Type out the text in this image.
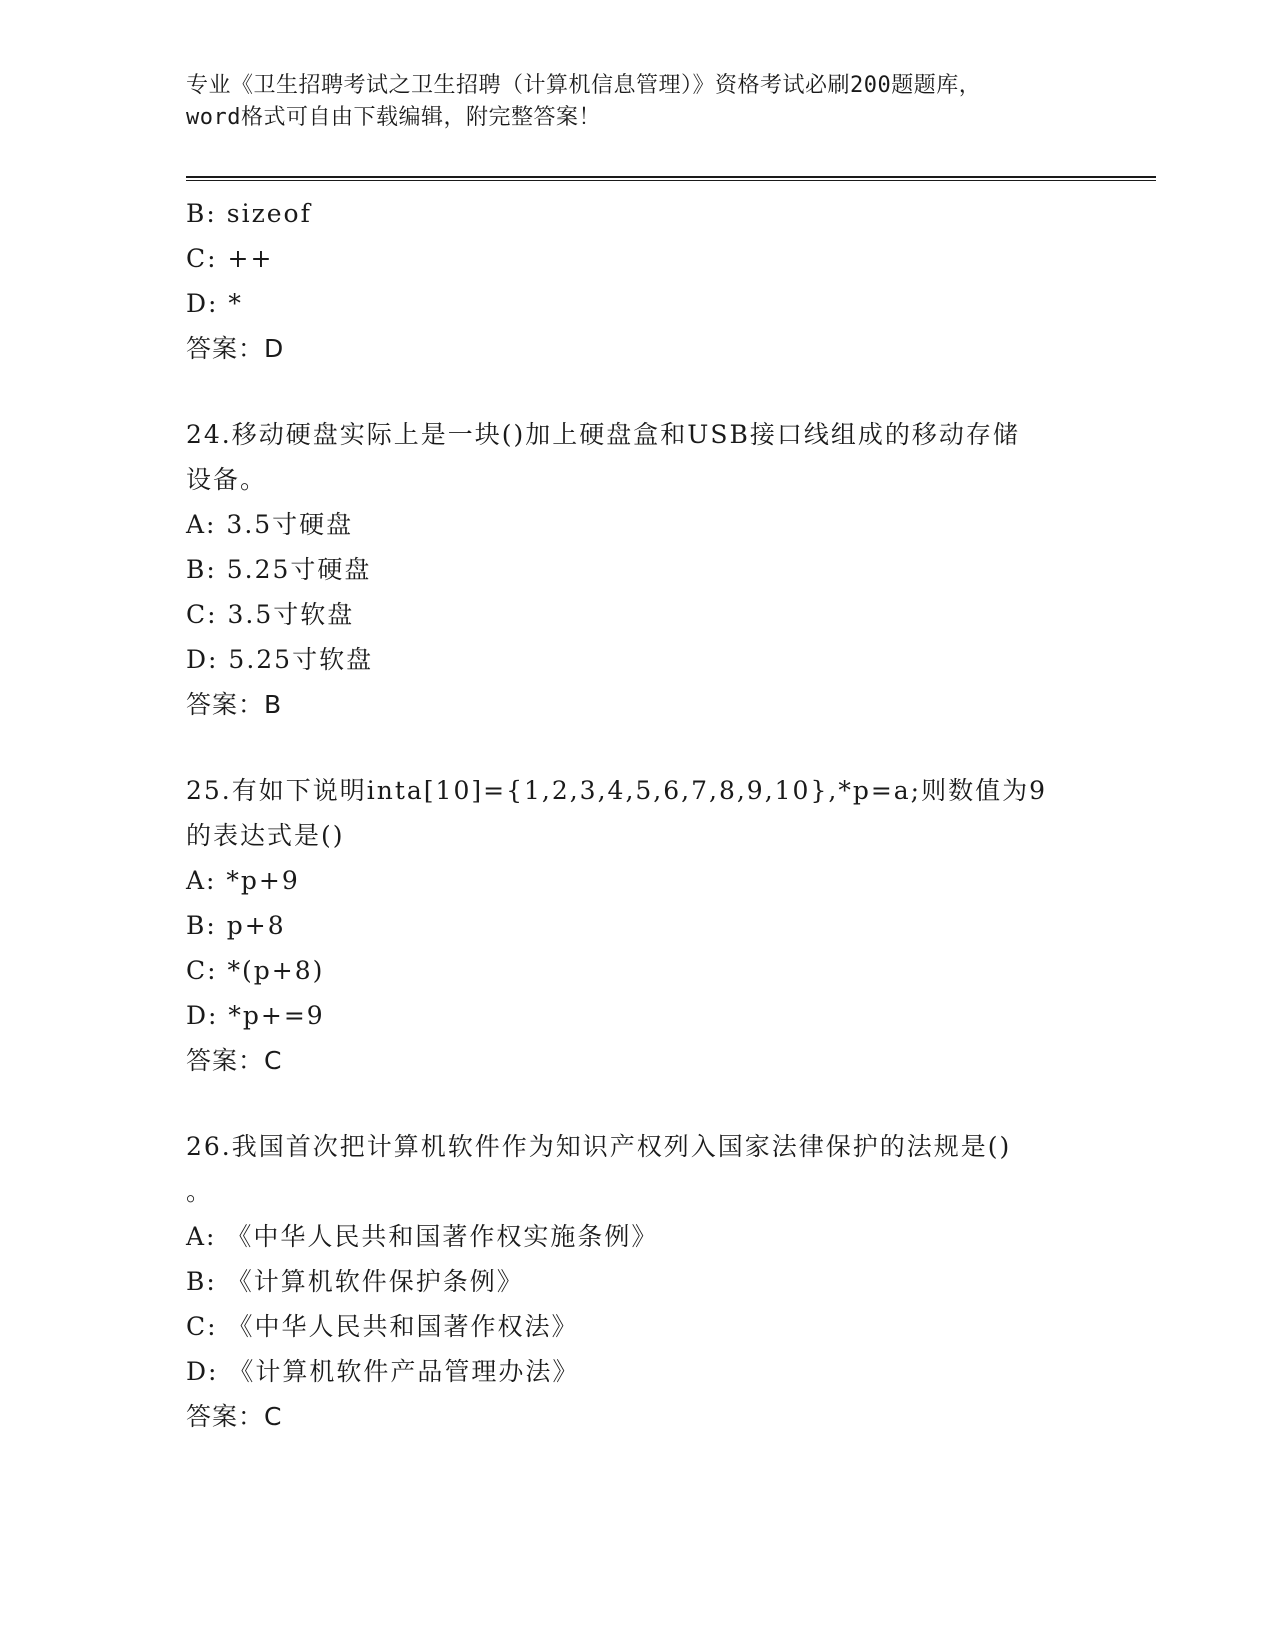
专业《卫生招聘考试之卫生招聘（计算机信息管理）》资格考试必刷200题题库，
word格式可自由下载编辑，附完整答案！
B: sizeof
C: ++
D: *
答案：D
24.移动硬盘实际上是一块()加上硬盘盒和USB接口线组成的移动存储
设备。
A: 3.5寸硬盘
B: 5.25寸硬盘
C: 3.5寸软盘
D: 5.25寸软盘
答案：B
25.有如下说明inta[10]={1,2,3,4,5,6,7,8,9,10},*p=a;则数值为9
的表达式是()
A: *p+9
B: p+8
C: *(p+8)
D: *p+=9
答案：C
26.我国首次把计算机软件作为知识产权列入国家法律保护的法规是()
。
A: 《中华人民共和国著作权实施条例》
B: 《计算机软件保护条例》
C: 《中华人民共和国著作权法》
D: 《计算机软件产品管理办法》
答案：C
